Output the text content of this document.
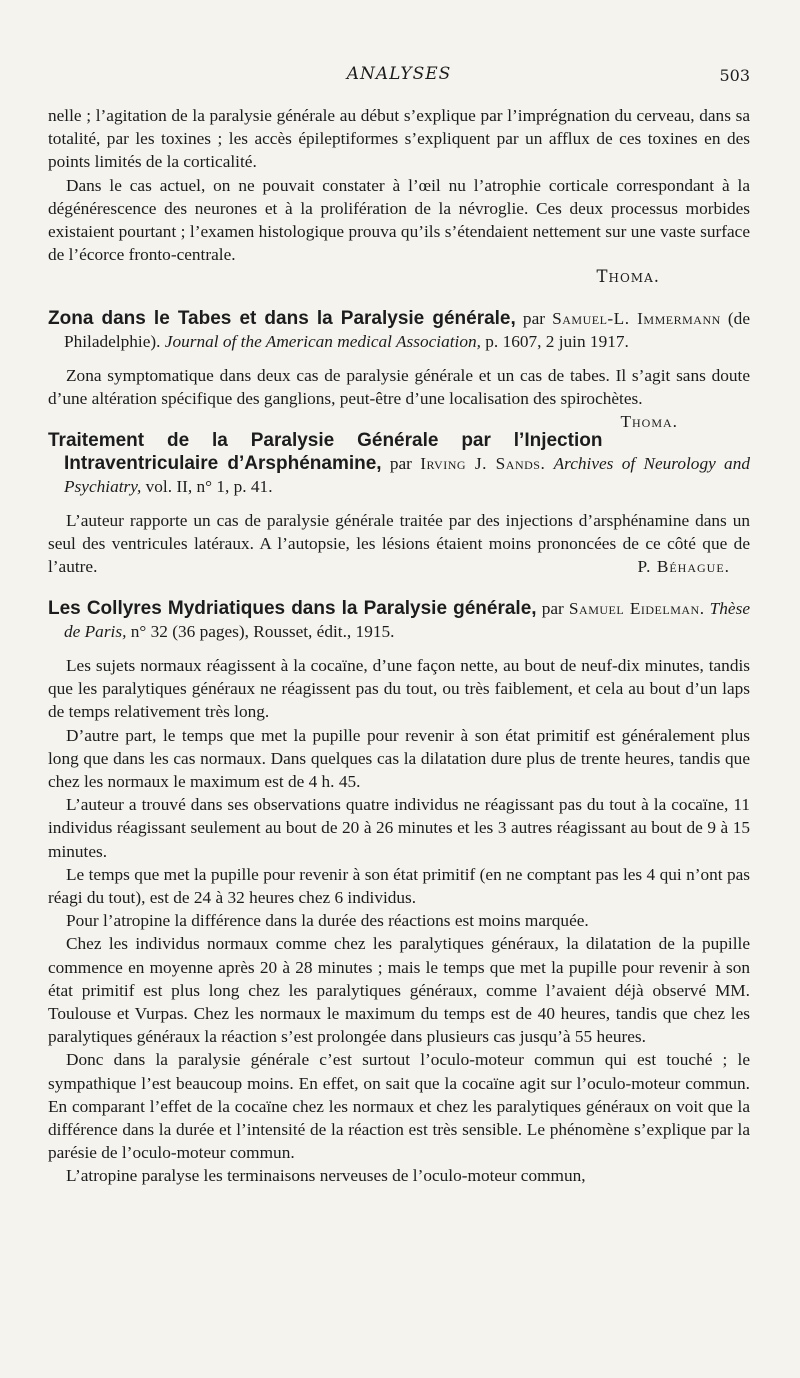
ANALYSES	503

nelle ; l’agitation de la paralysie générale au début s’explique par l’imprégnation du cerveau, dans sa totalité, par les toxines ; les accès épileptiformes s’expliquent par un afflux de ces toxines en des points limités de la corticalité.

Dans le cas actuel, on ne pouvait constater à l’œil nu l’atrophie corticale correspondant à la dégénérescence des neurones et à la prolifération de la névroglie. Ces deux processus morbides existaient pourtant ; l’examen histologique prouva qu’ils s’étendaient nettement sur une vaste surface de l’écorce fronto-centrale.

Thoma.
Zona dans le Tabes et dans la Paralysie générale, par Samuel-L. Immermann (de Philadelphie). Journal of the American medical Association, p. 1607, 2 juin 1917.

Zona symptomatique dans deux cas de paralysie générale et un cas de tabes. Il s’agit sans doute d’une altération spécifique des ganglions, peut-être d’une localisation des spirochètes.
Thoma.

Traitement de la Paralysie Générale par l’Injection Intraventriculaire d’Arsphénamine, par Irving J. Sands. Archives of Neurology and Psychiatry, vol. II, n° 1, p. 41.

L’auteur rapporte un cas de paralysie générale traitée par des injections d’arsphénamine dans un seul des ventricules latéraux. A l’autopsie, les lésions étaient moins prononcées de ce côté que de l’autre.	P. Béhague.

Les Collyres Mydriatiques dans la Paralysie générale, par Samuel Eidelman. Thèse de Paris, n° 32 (36 pages), Rousset, édit., 1915.

Les sujets normaux réagissent à la cocaïne, d’une façon nette, au bout de neuf-dix minutes, tandis que les paralytiques généraux ne réagissent pas du tout, ou très faiblement, et cela au bout d’un laps de temps relativement très long.

D’autre part, le temps que met la pupille pour revenir à son état primitif est généralement plus long que dans les cas normaux. Dans quelques cas la dilatation dure plus de trente heures, tandis que chez les normaux le maximum est de 4 h. 45.

L’auteur a trouvé dans ses observations quatre individus ne réagissant pas du tout à la cocaïne, 11 individus réagissant seulement au bout de 20 à 26 minutes et les 3 autres réagissant au bout de 9 à 15 minutes.

Le temps que met la pupille pour revenir à son état primitif (en ne comptant pas les 4 qui n’ont pas réagi du tout), est de 24 à 32 heures chez 6 individus.

Pour l’atropine la différence dans la durée des réactions est moins marquée.

Chez les individus normaux comme chez les paralytiques généraux, la dilatation de la pupille commence en moyenne après 20 à 28 minutes ; mais le temps que met la pupille pour revenir à son état primitif est plus long chez les paralytiques généraux, comme l’avaient déjà observé MM. Toulouse et Vurpas. Chez les normaux le maximum du temps est de 40 heures, tandis que chez les paralytiques généraux la réaction s’est prolongée dans plusieurs cas jusqu’à 55 heures.

Donc dans la paralysie générale c’est surtout l’oculo-moteur commun qui est touché ; le sympathique l’est beaucoup moins. En effet, on sait que la cocaïne agit sur l’oculo-moteur commun. En comparant l’effet de la cocaïne chez les normaux et chez les paralytiques généraux on voit que la différence dans la durée et l’intensité de la réaction est très sensible. Le phénomène s’explique par la parésie de l’oculo-moteur commun.

L’atropine paralyse les terminaisons nerveuses de l’oculo-moteur commun,
